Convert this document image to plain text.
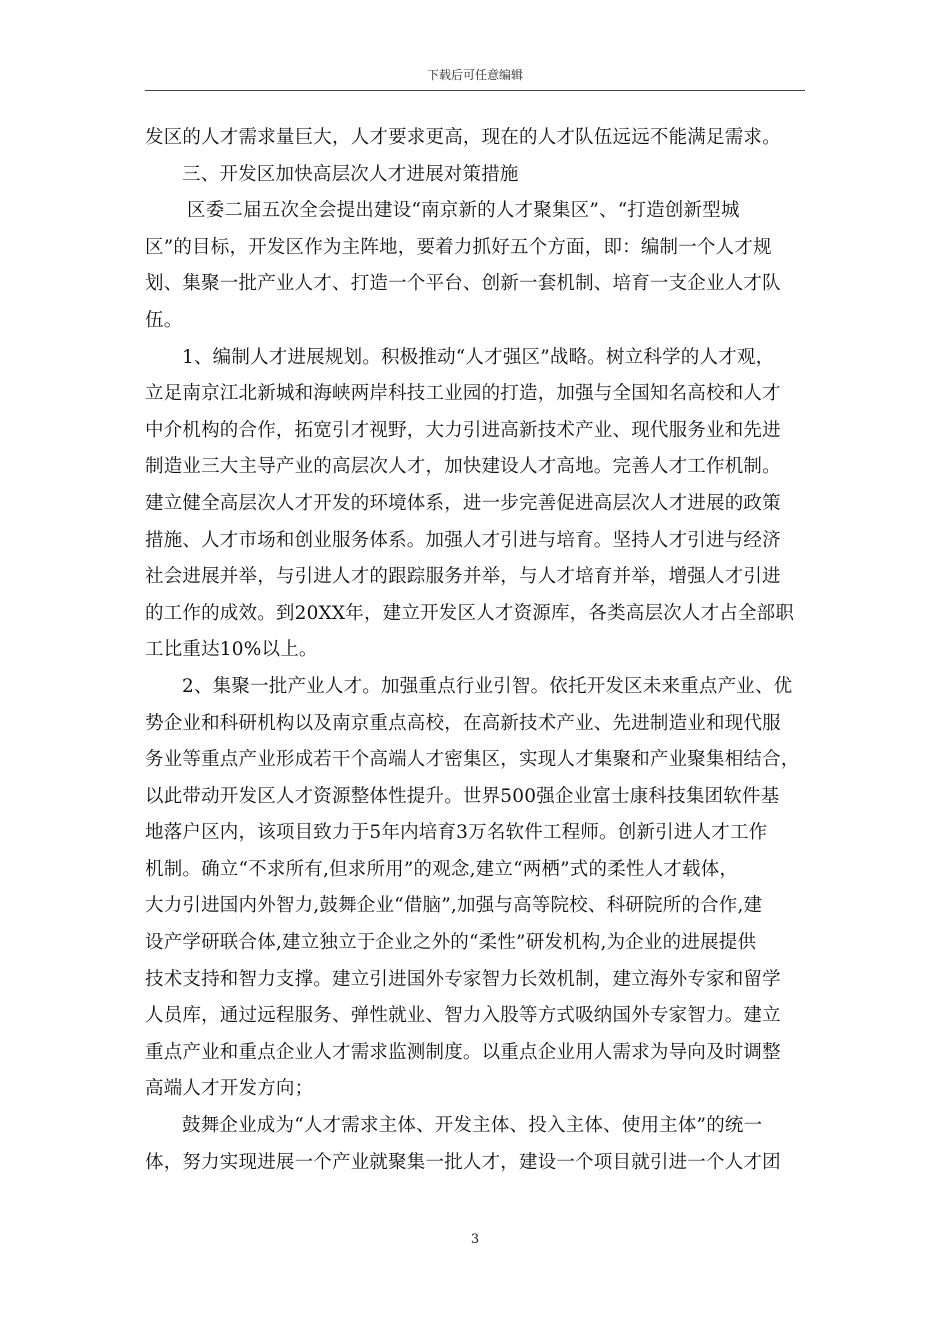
下载后可任意编辑
发区的人才需求量巨大，人才要求更高，现在的人才队伍远远不能满足需求。
三、开发区加快高层次人才进展对策措施
区委二届五次全会提出建设“南京新的人才聚集区”、“打造创新型城
区”的目标，开发区作为主阵地，要着力抓好五个方面，即：编制一个人才规
划、集聚一批产业人才、打造一个平台、创新一套机制、培育一支企业人才队
伍。
1、编制人才进展规划。积极推动“人才强区”战略。树立科学的人才观，
立足南京江北新城和海峡两岸科技工业园的打造，加强与全国知名高校和人才
中介机构的合作，拓宽引才视野，大力引进高新技术产业、现代服务业和先进
制造业三大主导产业的高层次人才，加快建设人才高地。完善人才工作机制。
建立健全高层次人才开发的环境体系，进一步完善促进高层次人才进展的政策
措施、人才市场和创业服务体系。加强人才引进与培育。坚持人才引进与经济
社会进展并举，与引进人才的跟踪服务并举，与人才培育并举，增强人才引进
的工作的成效。到20XX年，建立开发区人才资源库，各类高层次人才占全部职
工比重达10%以上。
2、集聚一批产业人才。加强重点行业引智。依托开发区未来重点产业、优
势企业和科研机构以及南京重点高校，在高新技术产业、先进制造业和现代服
务业等重点产业形成若干个高端人才密集区，实现人才集聚和产业聚集相结合，
以此带动开发区人才资源整体性提升。世界500强企业富士康科技集团软件基
地落户区内，该项目致力于5年内培育3万名软件工程师。创新引进人才工作
机制。确立“不求所有,但求所用”的观念,建立“两栖”式的柔性人才载体，
大力引进国内外智力,鼓舞企业“借脑”,加强与高等院校、科研院所的合作,建
设产学研联合体,建立独立于企业之外的“柔性”研发机构,为企业的进展提供
技术支持和智力支撑。建立引进国外专家智力长效机制，建立海外专家和留学
人员库，通过远程服务、弹性就业、智力入股等方式吸纳国外专家智力。建立
重点产业和重点企业人才需求监测制度。以重点企业用人需求为导向及时调整
高端人才开发方向；
鼓舞企业成为“人才需求主体、开发主体、投入主体、使用主体”的统一
体，努力实现进展一个产业就聚集一批人才，建设一个项目就引进一个人才团
3
